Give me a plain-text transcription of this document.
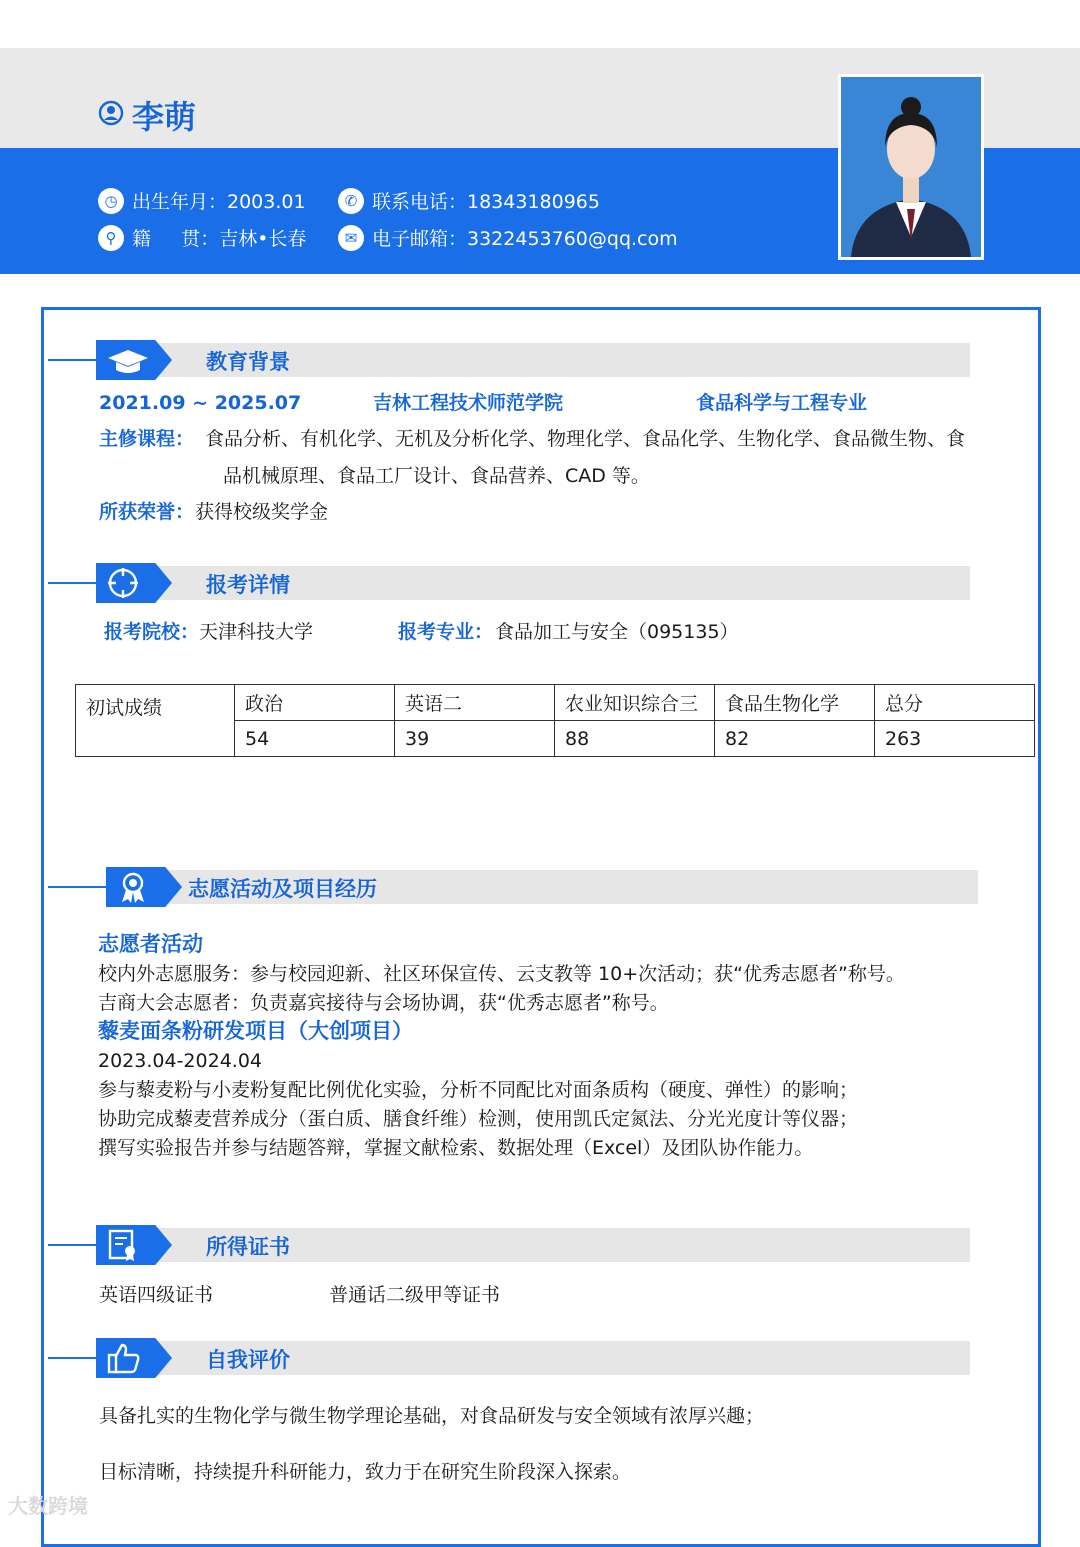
李萌
◷ 出生年月：2003.01	✆ 联系电话：18343180965
⚲ 籍     贯：吉林•长春	✉ 电子邮箱：3322453760@qq.com
教育背景
2021.09 ~ 2025.07	吉林工程技术师范学院	食品科学与工程专业
主修课程： 食品分析、有机化学、无机及分析化学、物理化学、食品化学、生物化学、食品微生物、食
品机械原理、食品工厂设计、食品营养、CAD 等。
所获荣誉： 获得校级奖学金
报考详情
报考院校： 天津科技大学	报考专业： 食品加工与安全（095135）
初试成绩	政治	英语二	农业知识综合三	食品生物化学	总分
	54	39	88	82	263
志愿活动及项目经历
志愿者活动
校内外志愿服务：参与校园迎新、社区环保宣传、云支教等 10+次活动；获“优秀志愿者”称号。
吉商大会志愿者：负责嘉宾接待与会场协调，获“优秀志愿者”称号。
藜麦面条粉研发项目（大创项目）
2023.04-2024.04
参与藜麦粉与小麦粉复配比例优化实验，分析不同配比对面条质构（硬度、弹性）的影响；
协助完成藜麦营养成分（蛋白质、膳食纤维）检测，使用凯氏定氮法、分光光度计等仪器；
撰写实验报告并参与结题答辩，掌握文献检索、数据处理（Excel）及团队协作能力。
所得证书
英语四级证书	普通话二级甲等证书
自我评价
具备扎实的生物化学与微生物学理论基础，对食品研发与安全领域有浓厚兴趣；
目标清晰，持续提升科研能力，致力于在研究生阶段深入探索。
大数跨境
